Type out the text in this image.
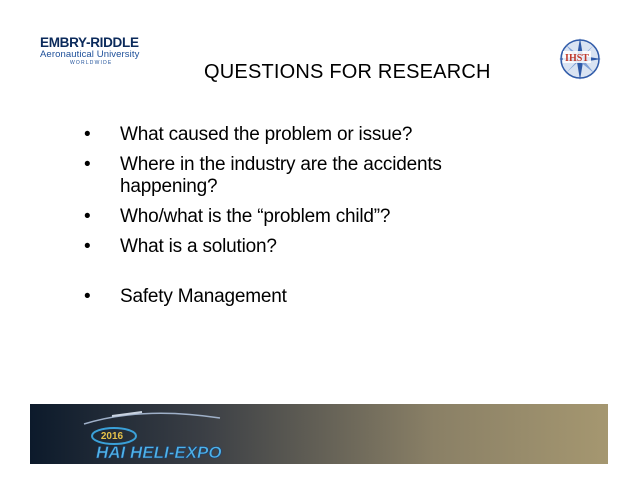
EMBRY-RIDDLE
Aeronautical University
WORLDWIDE	IHST
QUESTIONS FOR RESEARCH
• What caused the problem or issue?
• Where in the industry are the accidents happening?
• Who/what is the “problem child”?
• What is a solution?
• Safety Management
2016
HAI HELI-EXPO
